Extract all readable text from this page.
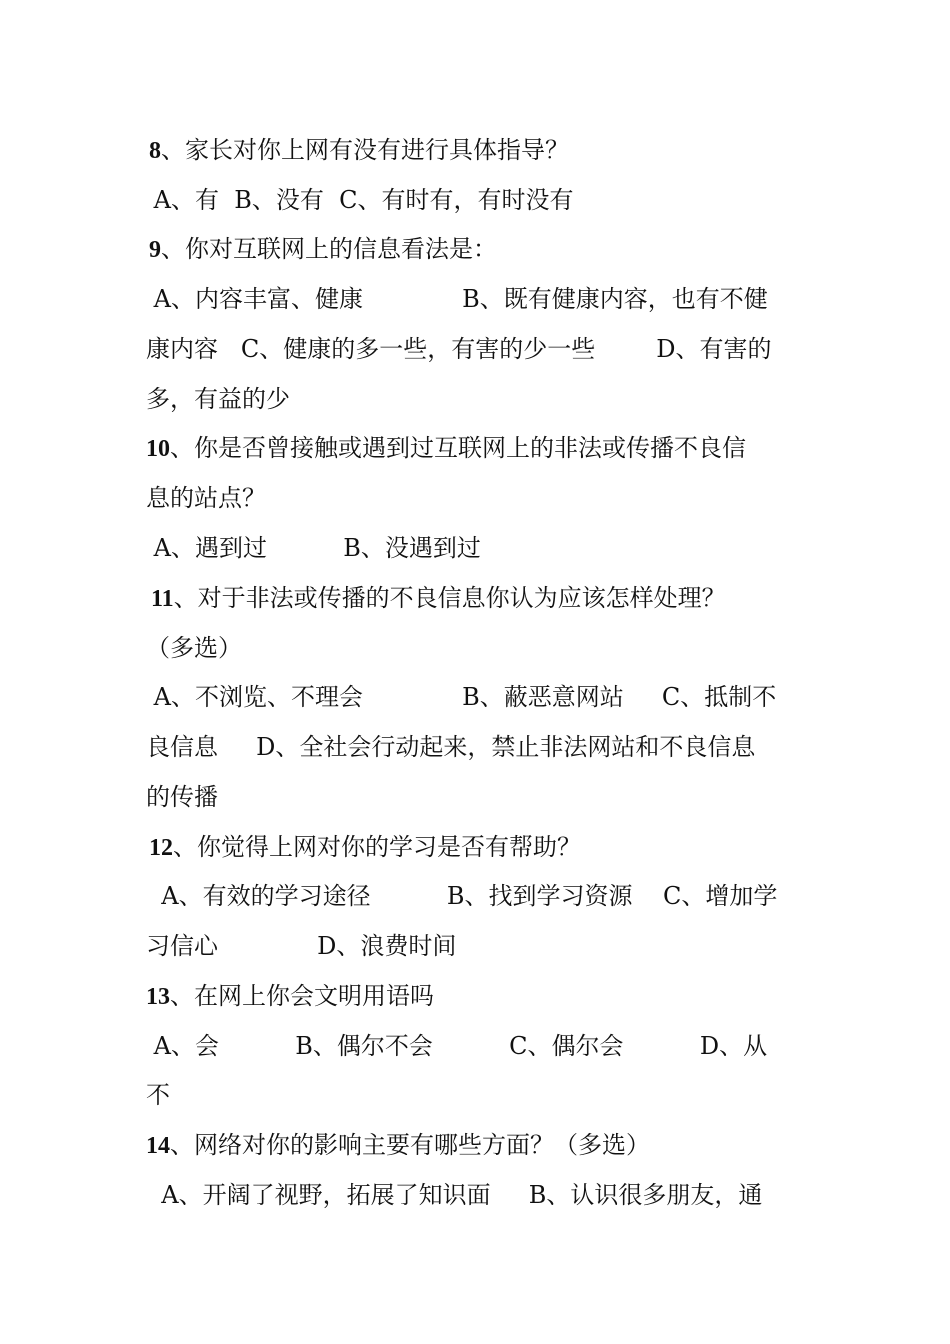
8、家长对你上网有没有进行具体指导？
A、有  B、没有  C、有时有，有时没有
9、你对互联网上的信息看法是：
A、内容丰富、健康             B、既有健康内容，也有不健
康内容   C、健康的多一些，有害的少一些        D、有害的
多，有益的少
10、你是否曾接触或遇到过互联网上的非法或传播不良信
息的站点？
A、遇到过          B、没遇到过
11、对于非法或传播的不良信息你认为应该怎样处理？
（多选）
A、不浏览、不理会             B、蔽恶意网站     C、抵制不
良信息     D、全社会行动起来，禁止非法网站和不良信息
的传播
12、你觉得上网对你的学习是否有帮助？
A、有效的学习途径          B、找到学习资源    C、增加学
习信心             D、浪费时间
13、在网上你会文明用语吗
A、会          B、偶尔不会          C、偶尔会          D、从
不
14、网络对你的影响主要有哪些方面？（多选）
A、开阔了视野，拓展了知识面     B、认识很多朋友，通
